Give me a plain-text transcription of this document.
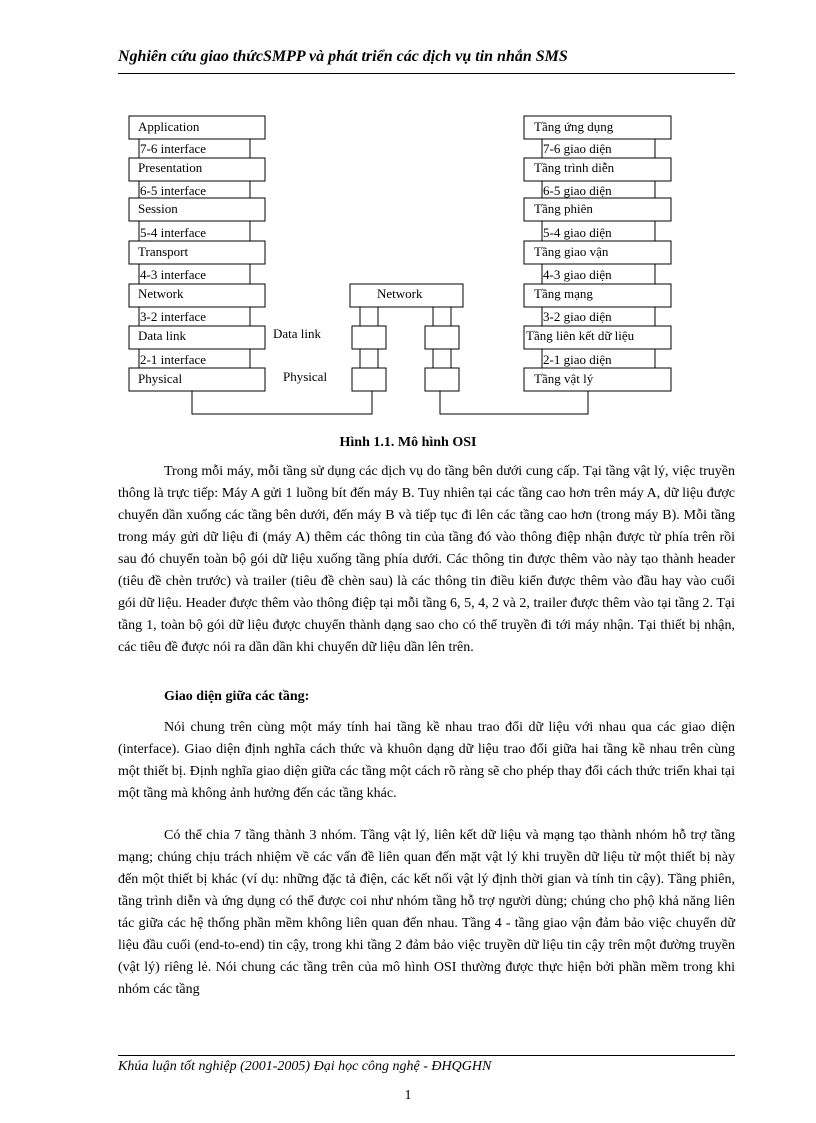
Nghiên cứu giao thứcSMPP và phát triển các dịch vụ tin nhắn SMS
Application
Presentation
Session
Transport
Network
Data link
Physical
7-6 interface
6-5 interface
5-4 interface
4-3 interface
3-2 interface
2-1 interface
Tầng ứng dụng
Tầng trình diễn
Tầng phiên
Tầng giao vận
Tầng mạng
Tầng liên kết dữ liệu
Tầng vật lý
7-6 giao diện
6-5 giao diện
5-4 giao diện
4-3 giao diện
3-2 giao diện
2-1 giao diện
Network
Data link
Physical
Hình 1.1. Mô hình OSI

Trong mỗi máy, mỗi tầng sử dụng các dịch vụ do tầng bên dưới cung cấp. Tại tầng vật lý, việc truyền thông là trực tiếp: Máy A gửi 1 luồng bít đến máy B. Tuy nhiên tại các tầng cao hơn trên máy A, dữ liệu được chuyển dần xuống các tầng bên dưới, đến máy B và tiếp tục đi lên các tầng cao hơn (trong máy B). Mỗi tầng trong máy gửi dữ liệu đi (máy A) thêm các thông tin của tầng đó vào thông điệp nhận được từ phía trên rồi sau đó chuyển toàn bộ gói dữ liệu xuống tầng phía dưới. Các thông tin được thêm vào này tạo thành header (tiêu đề chèn trước) và trailer (tiêu đề chèn sau) là các thông tin điều kiển được thêm vào đầu hay vào cuối gói dữ liệu. Header được thêm vào thông điệp tại mỗi tầng 6, 5, 4, 2 và 2, trailer được thêm vào tại tầng 2. Tại tầng 1, toàn bộ gói dữ liệu được chuyển thành dạng sao cho có thể truyền đi tới máy nhận. Tại thiết bị nhận, các tiêu đề được nói ra dần dần khi chuyển dữ liệu dần lên trên.

Giao diện giữa các tầng:

Nói chung trên cùng một máy tính hai tầng kề nhau trao đổi dữ liệu với nhau qua các giao diện (interface). Giao diện định nghĩa cách thức và khuôn dạng dữ liệu trao đổi giữa hai tầng kề nhau trên cùng một thiết bị. Định nghĩa giao diện giữa các tầng một cách rõ ràng sẽ cho phép thay đổi cách thức triển khai tại một tầng mà không ảnh hưởng đến các tầng khác.

Có thể chia 7 tầng thành 3 nhóm. Tầng vật lý, liên kết dữ liệu và mạng tạo thành nhóm hỗ trợ tầng mạng; chúng chịu trách nhiệm về các vấn đề liên quan đến mặt vật lý khi truyền dữ liệu từ một thiết bị này đến một thiết bị khác (ví dụ: những đặc tả điện, các kết nối vật lý định thời gian và tính tin cậy). Tầng phiên, tầng trình diễn và ứng dụng có thể được coi như nhóm tầng hỗ trợ người dùng; chúng cho phộ khả năng liên tác giữa các hệ thống phần mềm không liên quan đến nhau. Tầng 4 - tầng giao vận đảm bảo việc chuyển dữ liệu đầu cuối (end-to-end) tin cậy, trong khi tầng 2 đảm bảo việc truyền dữ liệu tin cậy trên một đường truyền (vật lý) riêng lẻ. Nói chung các tầng trên của mô hình OSI thường được thực hiện bởi phần mềm trong khi nhóm các tầng

Khúa luận tốt nghiệp (2001-2005) Đại học công nghệ - ĐHQGHN
1
